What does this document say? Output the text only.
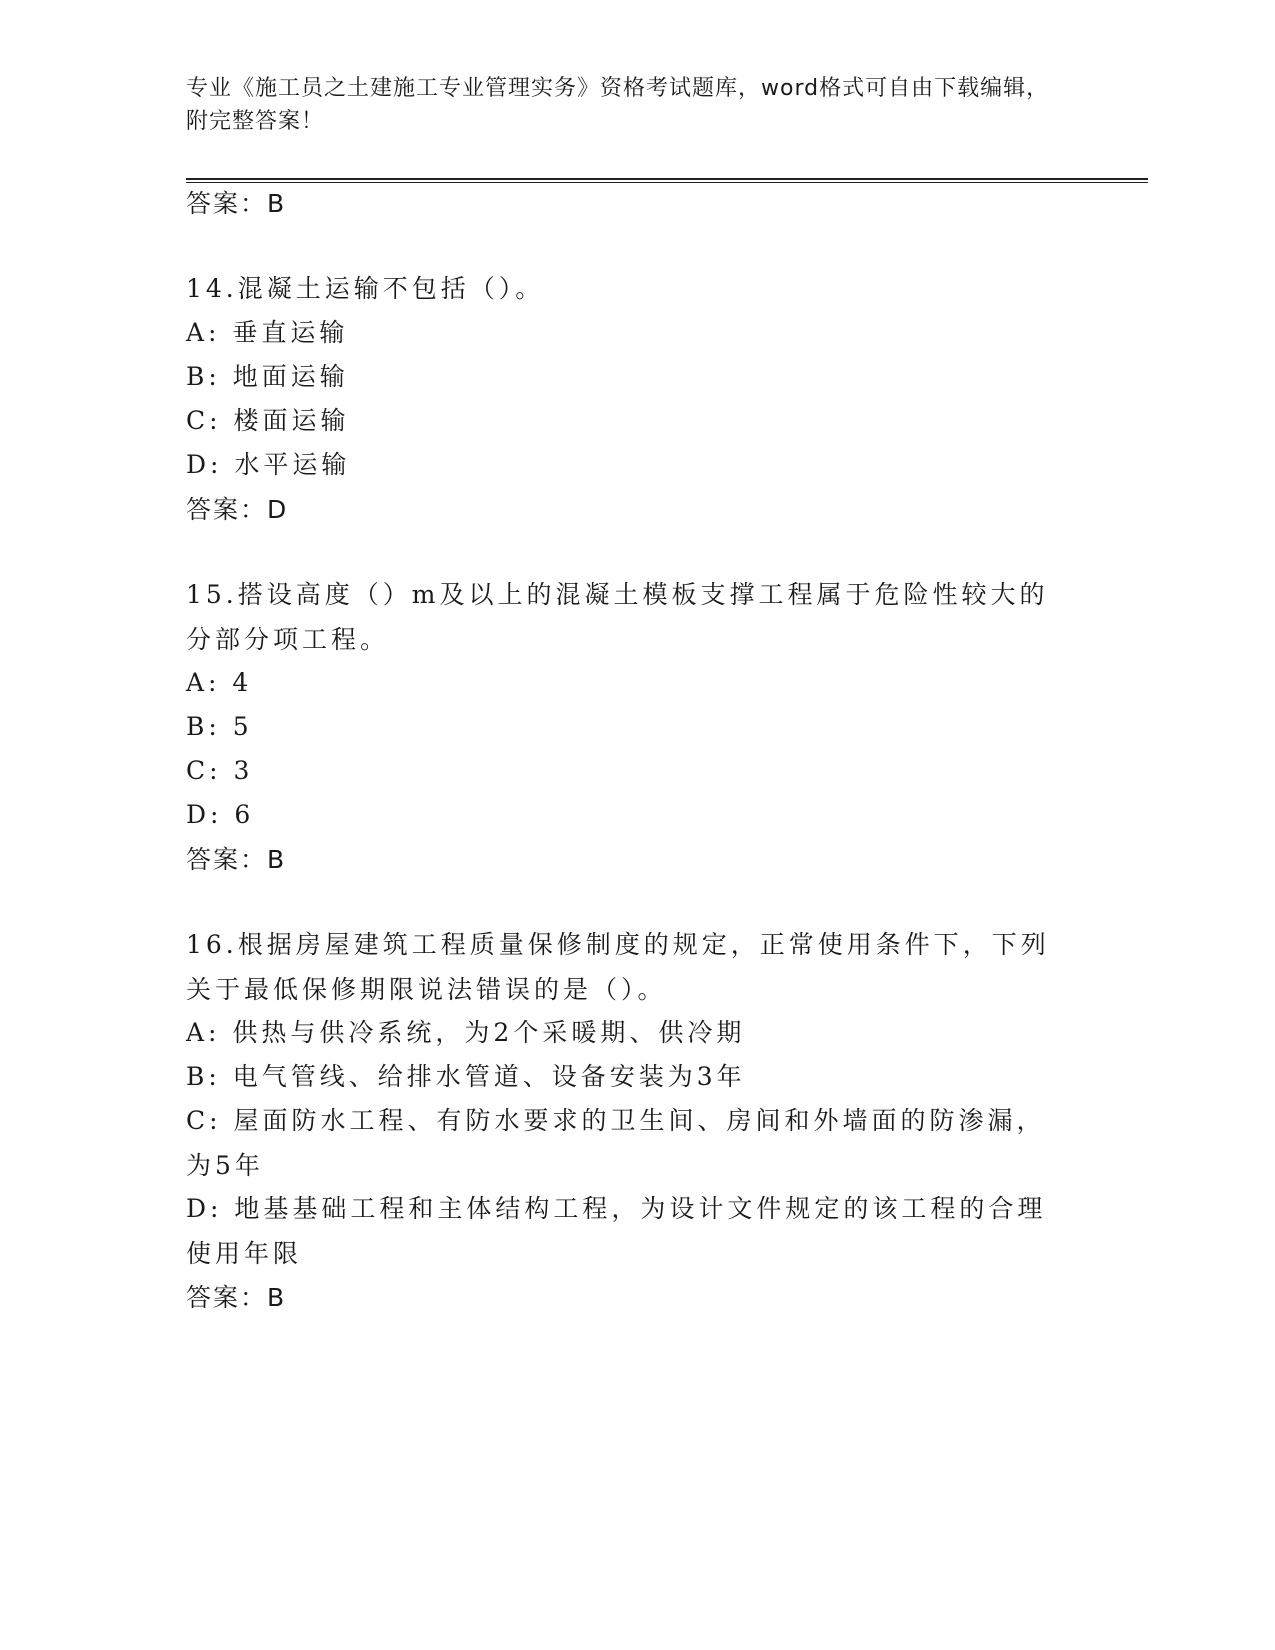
专业《施工员之土建施工专业管理实务》资格考试题库，word格式可自由下载编辑，附完整答案！
答案：B
14.混凝土运输不包括（）。
A: 垂直运输
B: 地面运输
C: 楼面运输
D: 水平运输
答案：D
15.搭设高度（）m及以上的混凝土模板支撑工程属于危险性较大的分部分项工程。
A: 4
B: 5
C: 3
D: 6
答案：B
16.根据房屋建筑工程质量保修制度的规定，正常使用条件下，下列关于最低保修期限说法错误的是（）。
A: 供热与供冷系统，为2个采暖期、供冷期
B: 电气管线、给排水管道、设备安装为3年
C: 屋面防水工程、有防水要求的卫生间、房间和外墙面的防渗漏，为5年
D: 地基基础工程和主体结构工程，为设计文件规定的该工程的合理使用年限
答案：B
